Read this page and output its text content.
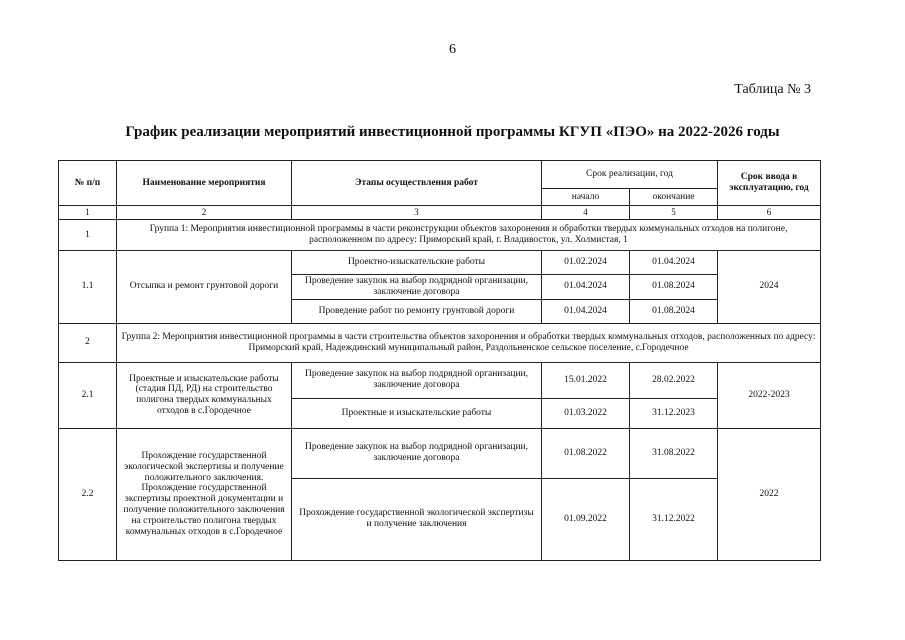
6
Таблица № 3
График реализации мероприятий инвестиционной программы КГУП «ПЭО» на 2022-2026 годы
№ п/п	Наименование мероприятия	Этапы осуществления работ	Срок реализации, год		Срок ввода в эксплуатацию, год
			начало	окончание	
1	2	3	4	5	6
1	Группа 1: Мероприятия инвестиционной программы в части реконструкции объектов захоронения и обработки твердых коммунальных отходов на полигоне, расположенном по адресу: Приморский край, г. Владивосток, ул. Холмистая, 1				
1.1	Отсыпка и ремонт грунтовой дороги	Проектно-изыскательские работы	01.02.2024	01.04.2024	2024
		Проведение закупок на выбор подрядной организации, заключение договора	01.04.2024	01.08.2024	
		Проведение работ по ремонту грунтовой дороги	01.04.2024	01.08.2024	
2	Группа 2: Мероприятия инвестиционной программы в части строительства объектов захоронения и обработки твердых коммунальных отходов, расположенных по адресу: Приморский край, Надеждинский муниципальный район, Раздольненское сельское поселение, с.Городечное				
2.1	Проектные и изыскательские работы (стадия ПД, РД) на строительство полигона твердых коммунальных отходов в с.Городечное	Проведение закупок на выбор подрядной организации, заключение договора	15.01.2022	28.02.2022	2022-2023
		Проектные и изыскательские работы	01.03.2022	31.12.2023	
2.2	Прохождение государственной экологической экспертизы и получение положительного заключения. Прохождение государственной экспертизы проектной документации и получение положительного заключения на строительство полигона твердых коммунальных отходов в с.Городечное	Проведение закупок на выбор подрядной организации, заключение договора	01.08.2022	31.08.2022	2022
		Прохождение государственной экологической экспертизы и получение заключения	01.09.2022	31.12.2022	
